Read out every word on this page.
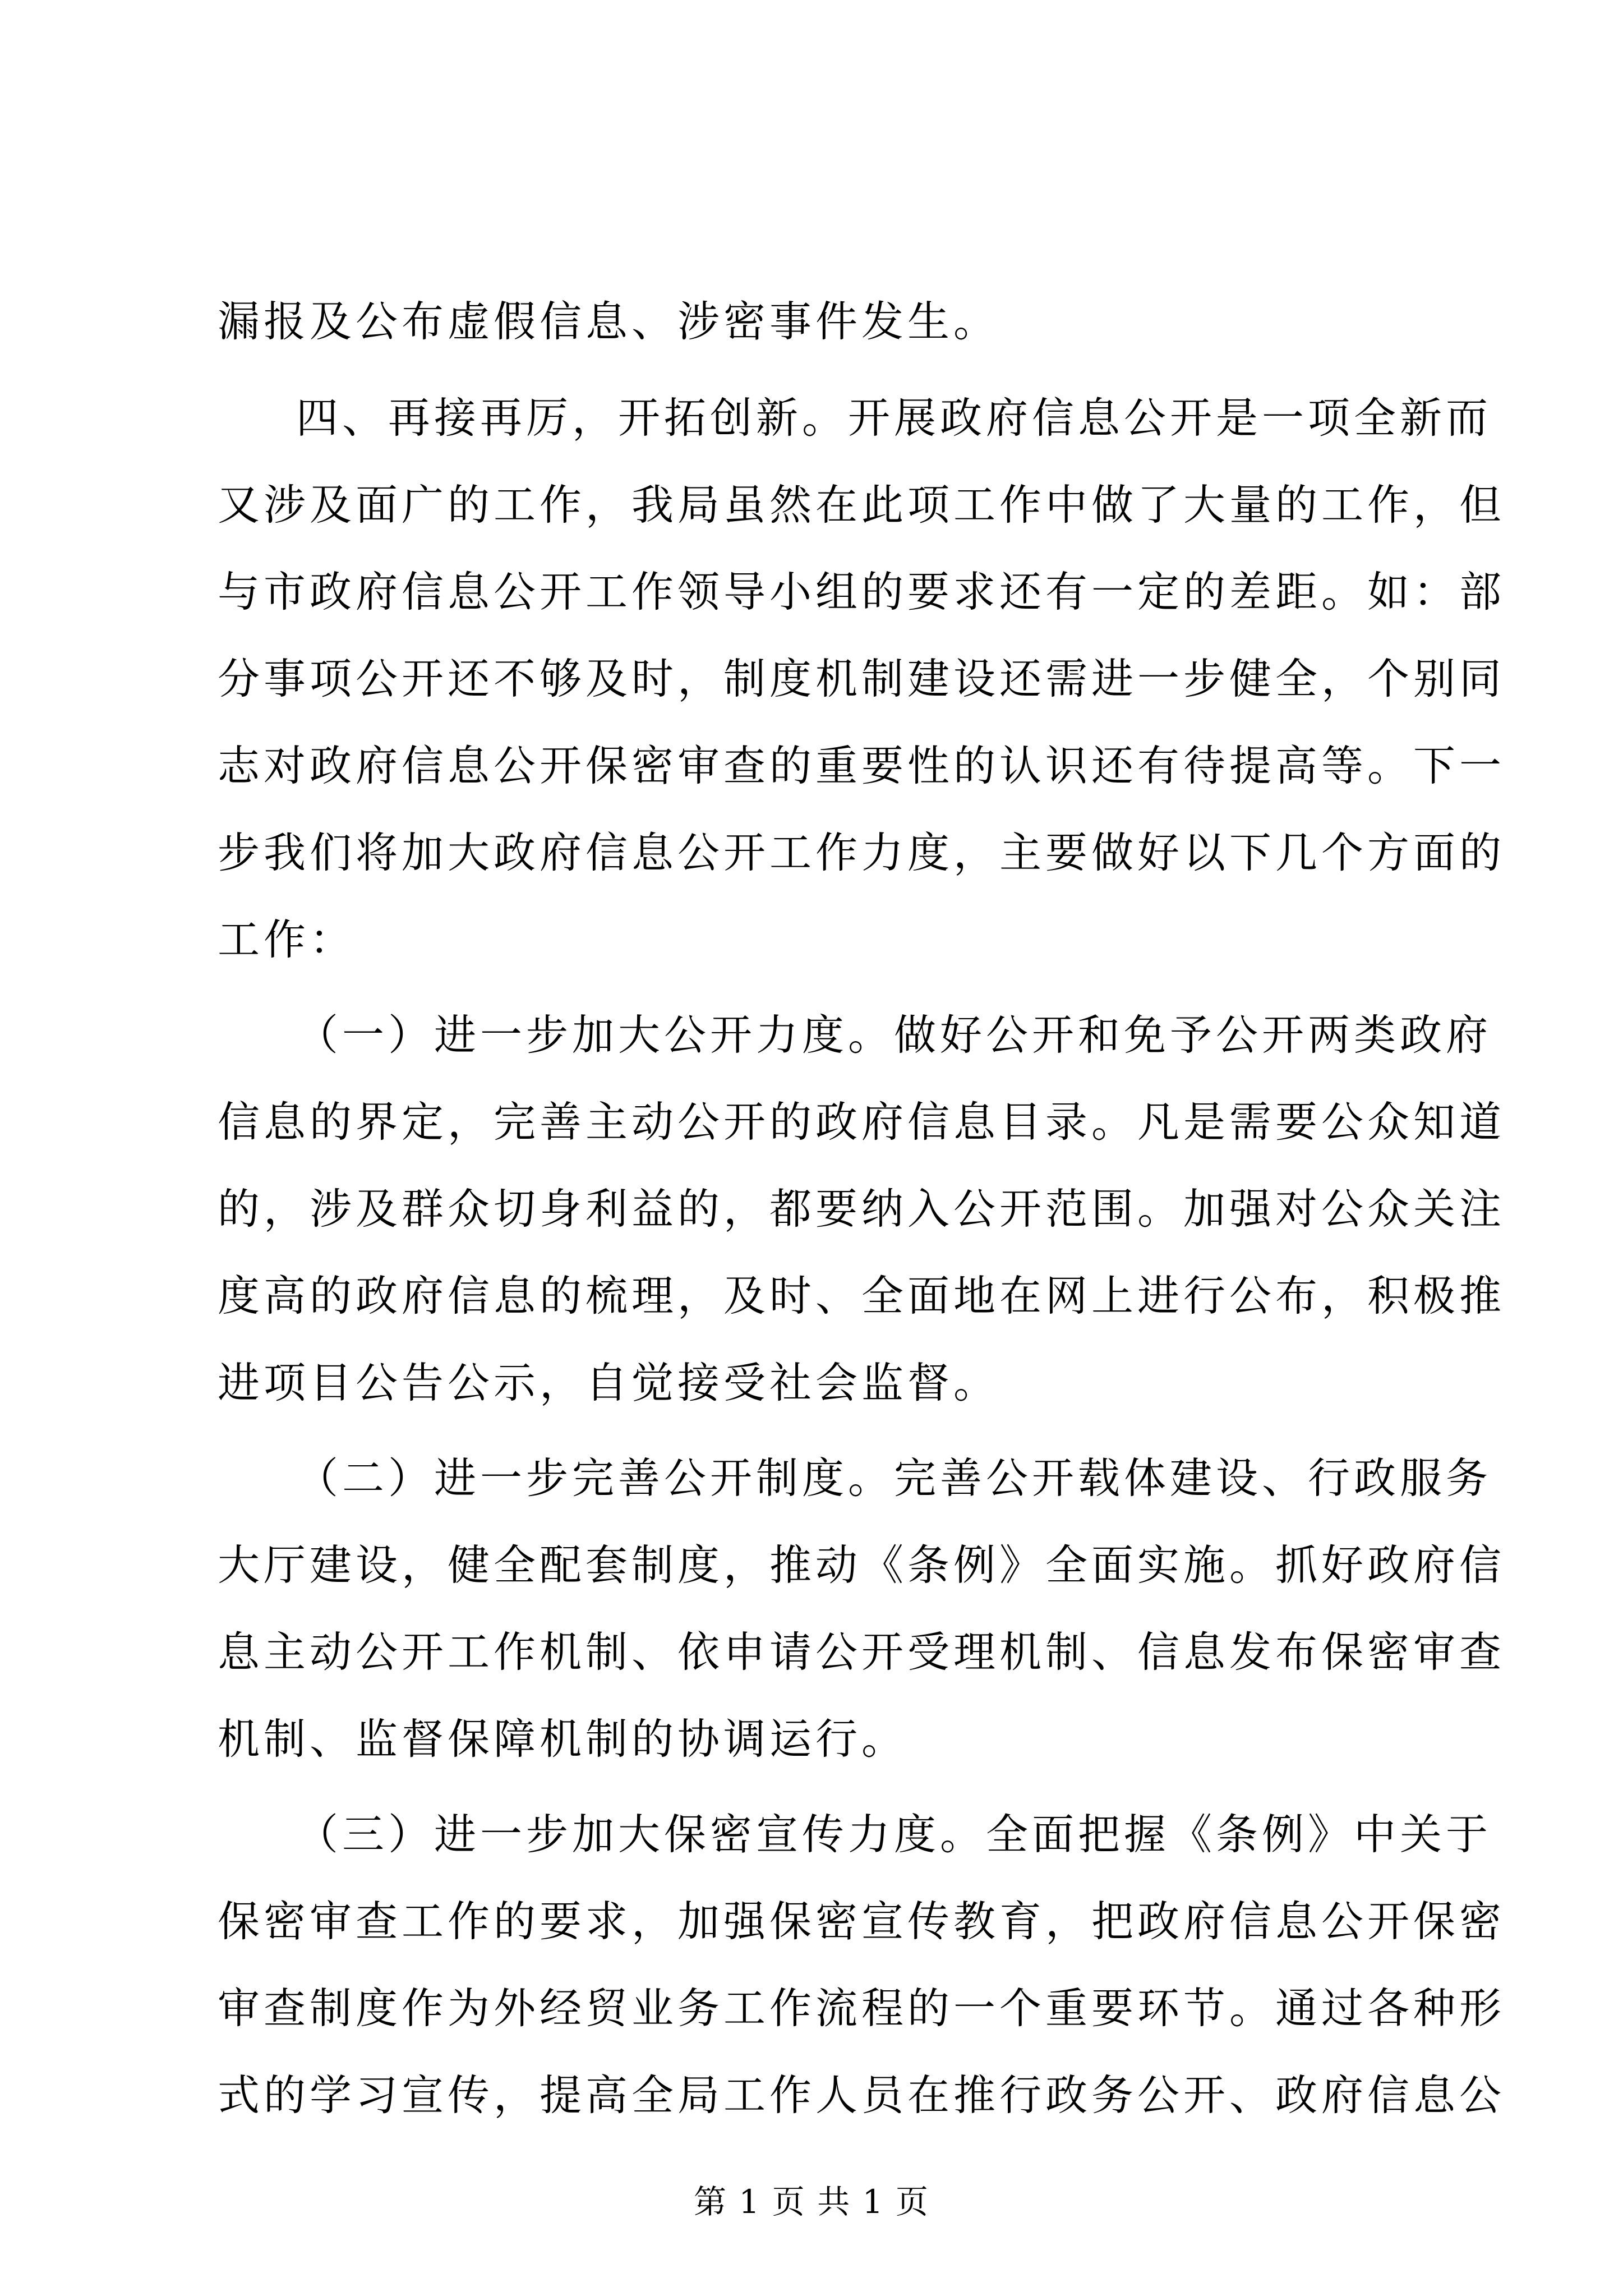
漏报及公布虚假信息、涉密事件发生。
四、再接再厉，开拓创新。开展政府信息公开是一项全新而
又涉及面广的工作，我局虽然在此项工作中做了大量的工作，但
与市政府信息公开工作领导小组的要求还有一定的差距。如：部
分事项公开还不够及时，制度机制建设还需进一步健全，个别同
志对政府信息公开保密审查的重要性的认识还有待提高等。下一
步我们将加大政府信息公开工作力度，主要做好以下几个方面的
工作：
（一）进一步加大公开力度。做好公开和免予公开两类政府
信息的界定，完善主动公开的政府信息目录。凡是需要公众知道
的，涉及群众切身利益的，都要纳入公开范围。加强对公众关注
度高的政府信息的梳理，及时、全面地在网上进行公布，积极推
进项目公告公示，自觉接受社会监督。
（二）进一步完善公开制度。完善公开载体建设、行政服务
大厅建设，健全配套制度，推动《条例》全面实施。抓好政府信
息主动公开工作机制、依申请公开受理机制、信息发布保密审查
机制、监督保障机制的协调运行。
（三）进一步加大保密宣传力度。全面把握《条例》中关于
保密审查工作的要求，加强保密宣传教育，把政府信息公开保密
审查制度作为外经贸业务工作流程的一个重要环节。通过各种形
式的学习宣传，提高全局工作人员在推行政务公开、政府信息公
第 1 页 共 1 页
